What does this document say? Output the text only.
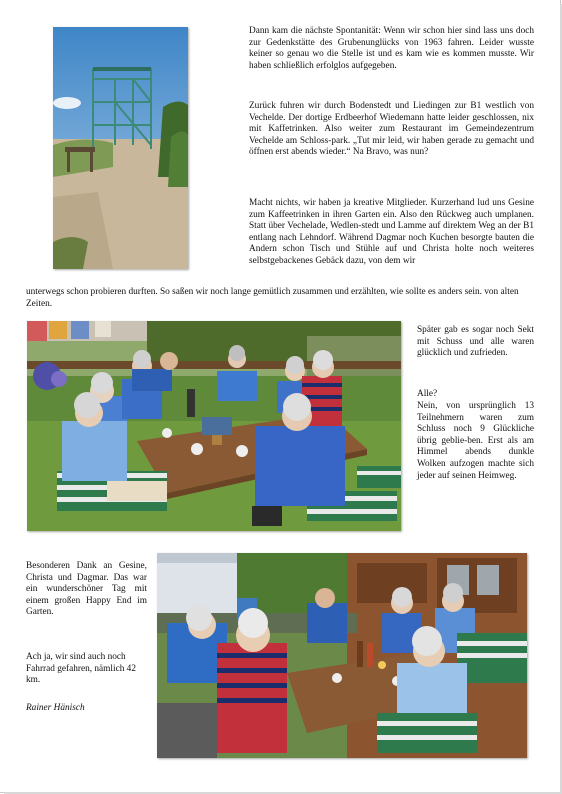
Dann kam die nächste Spontanität: Wenn wir schon hier sind lass uns doch zur Gedenkstätte des Grubenunglücks von 1963 fahren. Leider wusste keiner so genau wo die Stelle ist und es kam wie es kommen musste. Wir haben schließlich erfolglos aufgegeben.

Zurück fuhren wir durch Bodenstedt und Liedingen zur B1 westlich von Vechelde. Der dortige Erdbeerhof Wiedemann hatte leider geschlossen, nix mit Kaffetrinken. Also weiter zum Restaurant im Gemeindezentrum Vechelde am Schloss-park. „Tut mir leid, wir haben gerade zu gemacht und öffnen erst abends wieder.“ Na Bravo, was nun?

Macht nichts, wir haben ja kreative Mitglieder. Kurzerhand lud uns Gesine zum Kaffeetrinken in ihren Garten ein. Also den Rückweg auch umplanen. Statt über Vechelade, Wedlen-stedt und Lamme auf direktem Weg an der B1 entlang nach Lehndorf. Während Dagmar noch Kuchen besorgte bauten die Andern schon Tisch und Stühle auf und Christa holte noch weiteres selbstgebackenes Gebäck dazu, von dem wir

unterwegs schon probieren durften. So saßen wir noch lange gemütlich zusammen und erzählten, wie sollte es anders sein. von alten Zeiten.

Später gab es sogar noch Sekt mit Schuss und alle waren glücklich und zufrieden.

Alle?

Nein, von ursprünglich 13 Teilnehmern waren zum Schluss noch 9 Glückliche übrig geblie-ben. Erst als am Himmel abends dunkle Wolken aufzogen machte sich jeder auf seinen Heimweg.

Besonderen Dank an Gesine, Christa und Dagmar. Das war ein wunderschöner Tag mit einem großen Happy End im Garten.

Ach ja, wir sind auch noch Fahrrad gefahren, nämlich 42 km.

Rainer Hänisch
